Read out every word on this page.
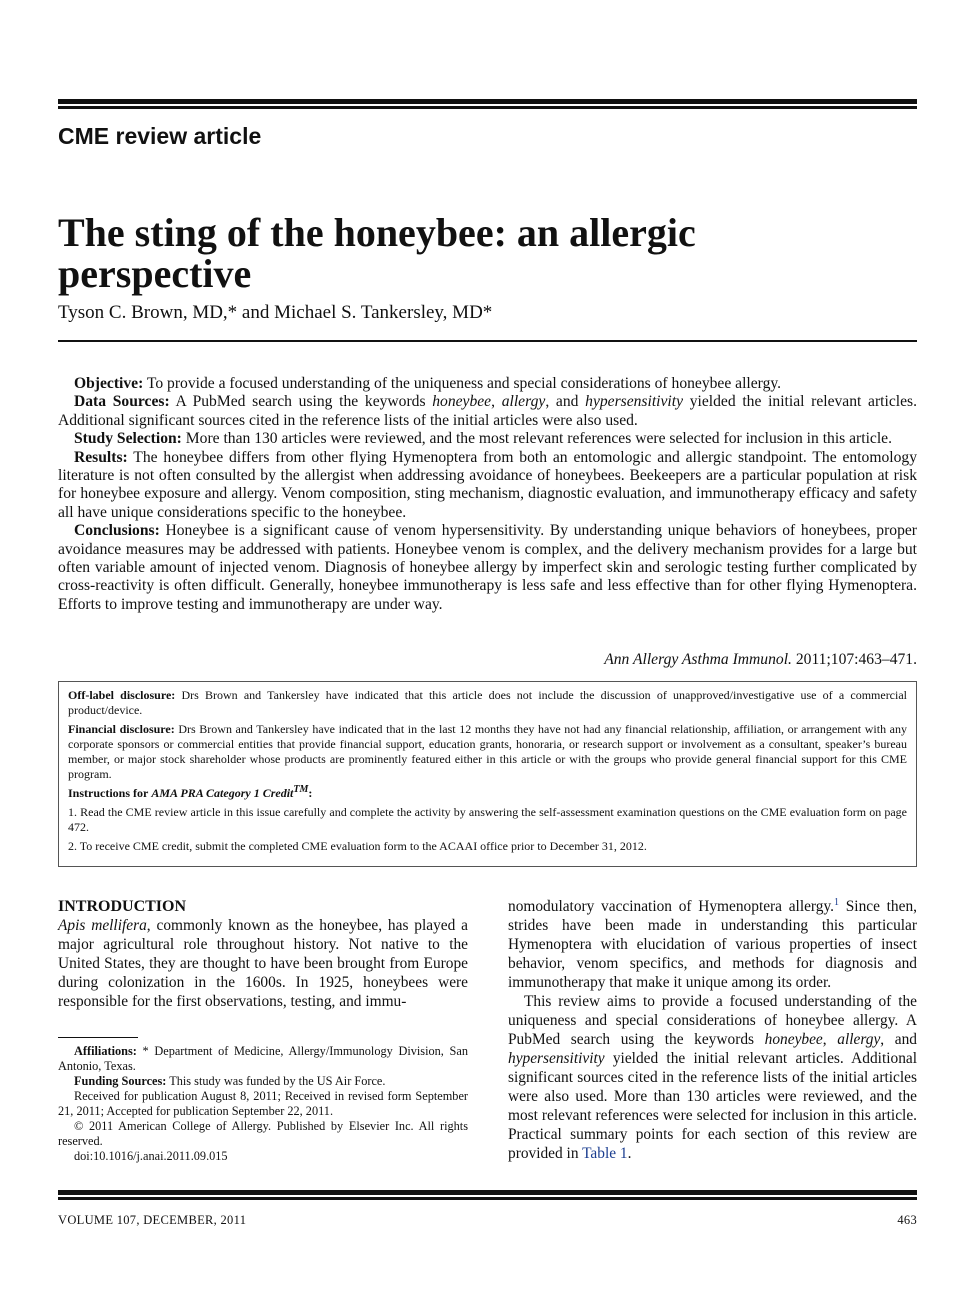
CME review article
The sting of the honeybee: an allergic perspective
Tyson C. Brown, MD,* and Michael S. Tankersley, MD*

Objective: To provide a focused understanding of the uniqueness and special considerations of honeybee allergy.

Data Sources: A PubMed search using the keywords honeybee, allergy, and hypersensitivity yielded the initial relevant articles. Additional significant sources cited in the reference lists of the initial articles were also used.

Study Selection: More than 130 articles were reviewed, and the most relevant references were selected for inclusion in this article.

Results: The honeybee differs from other flying Hymenoptera from both an entomologic and allergic standpoint. The entomology literature is not often consulted by the allergist when addressing avoidance of honeybees. Beekeepers are a particular population at risk for honeybee exposure and allergy. Venom composition, sting mechanism, diagnostic evaluation, and immunotherapy efficacy and safety all have unique considerations specific to the honeybee.

Conclusions: Honeybee is a significant cause of venom hypersensitivity. By understanding unique behaviors of honeybees, proper avoidance measures may be addressed with patients. Honeybee venom is complex, and the delivery mechanism provides for a large but often variable amount of injected venom. Diagnosis of honeybee allergy by imperfect skin and serologic testing further complicated by cross-reactivity is often difficult. Generally, honeybee immunotherapy is less safe and less effective than for other flying Hymenoptera. Efforts to improve testing and immunotherapy are under way.

Ann Allergy Asthma Immunol. 2011;107:463–471.

Off-label disclosure: Drs Brown and Tankersley have indicated that this article does not include the discussion of unapproved/investigative use of a commercial product/device.

Financial disclosure: Drs Brown and Tankersley have indicated that in the last 12 months they have not had any financial relationship, affiliation, or arrangement with any corporate sponsors or commercial entities that provide financial support, education grants, honoraria, or research support or involvement as a consultant, speaker’s bureau member, or major stock shareholder whose products are prominently featured either in this article or with the groups who provide general financial support for this CME program.

Instructions for AMA PRA Category 1 Credit™:

1. Read the CME review article in this issue carefully and complete the activity by answering the self-assessment examination questions on the CME evaluation form on page 472.

2. To receive CME credit, submit the completed CME evaluation form to the ACAAI office prior to December 31, 2012.

INTRODUCTION

Apis mellifera, commonly known as the honeybee, has played a major agricultural role throughout history. Not native to the United States, they are thought to have been brought from Europe during colonization in the 1600s. In 1925, honeybees were responsible for the first observations, testing, and immu-

Affiliations: * Department of Medicine, Allergy/Immunology Division, San Antonio, Texas.

Funding Sources: This study was funded by the US Air Force.

Received for publication August 8, 2011; Received in revised form September 21, 2011; Accepted for publication September 22, 2011.

© 2011 American College of Allergy. Published by Elsevier Inc. All rights reserved.

doi:10.1016/j.anai.2011.09.015

nomodulatory vaccination of Hymenoptera allergy.$^1$ Since then, strides have been made in understanding this particular Hymenoptera with elucidation of various properties of insect behavior, venom specifics, and methods for diagnosis and immunotherapy that make it unique among its order.

This review aims to provide a focused understanding of the uniqueness and special considerations of honeybee allergy. A PubMed search using the keywords honeybee, allergy, and hypersensitivity yielded the initial relevant articles. Additional significant sources cited in the reference lists of the initial articles were also used. More than 130 articles were reviewed, and the most relevant references were selected for inclusion in this article. Practical summary points for each section of this review are provided in Table 1.

VOLUME 107, DECEMBER, 2011	463
